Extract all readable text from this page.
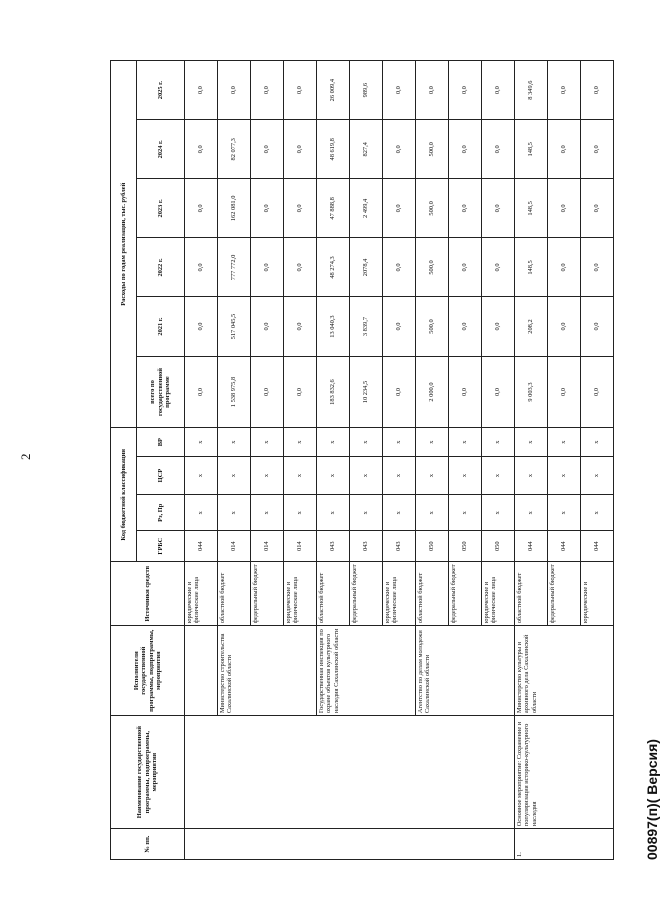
2
№ пп.	Наименование государственной программы, подпрограммы, мероприятия	Исполнители государственной программы, подпрограммы, мероприятия	Источники средств	Код бюджетной классификации				Расходы по годам реализации, тыс. рублей					
				ГРБС	Рз, Пр	ЦСР	ВР	всего по государственной программе	2021 г.	2022 г.	2023 г.	2024 г.	2025 г.
			юридические и физические лица	044	x	x	x	0,0	0,0	0,0	0,0	0,0	0,0
		Министерство строительства Сахалинской области	областной бюджет	014	x	x	x	1 538 975,8	517 045,5	777 772,0	162 081,0	82 077,3	0,0
			федеральный бюджет	014	x	x	x	0,0	0,0	0,0	0,0	0,0	0,0
			юридические и физические лица	014	x	x	x	0,0	0,0	0,0	0,0	0,0	0,0
		Государственная инспекция по охране объектов культурного наследия Сахалинской области	областной бюджет	043	x	x	x	183 832,6	13 040,3	48 274,3	47 888,8	48 619,8	26 009,4
			федеральный бюджет	043	x	x	x	10 234,5	3 839,7	2078,4	2 499,4	827,4	989,6
			юридические и физические лица	043	x	x	x	0,0	0,0	0,0	0,0	0,0	0,0
		Агентство по делам молодежи Сахалинской области	областной бюджет	050	x	x	x	2 000,0	500,0	500,0	500,0	500,0	0,0
			федеральный бюджет	050	x	x	x	0,0	0,0	0,0	0,0	0,0	0,0
			юридические и физические лица	050	x	x	x	0,0	0,0	0,0	0,0	0,0	0,0
1.	Основное мероприятие: Сохранение и популяризация историко-культурного наследия	Министерство культуры и архивного дела Сахалинской области	областной бюджет	044	x	x	x	9 003,3	208,2	148,5	148,5	148,5	8 349,6
			федеральный бюджет	044	x	x	x	0,0	0,0	0,0	0,0	0,0	0,0
			юридические и	044	x	x	x	0,0	0,0	0,0	0,0	0,0	0,0
00897(п)( Версия)
